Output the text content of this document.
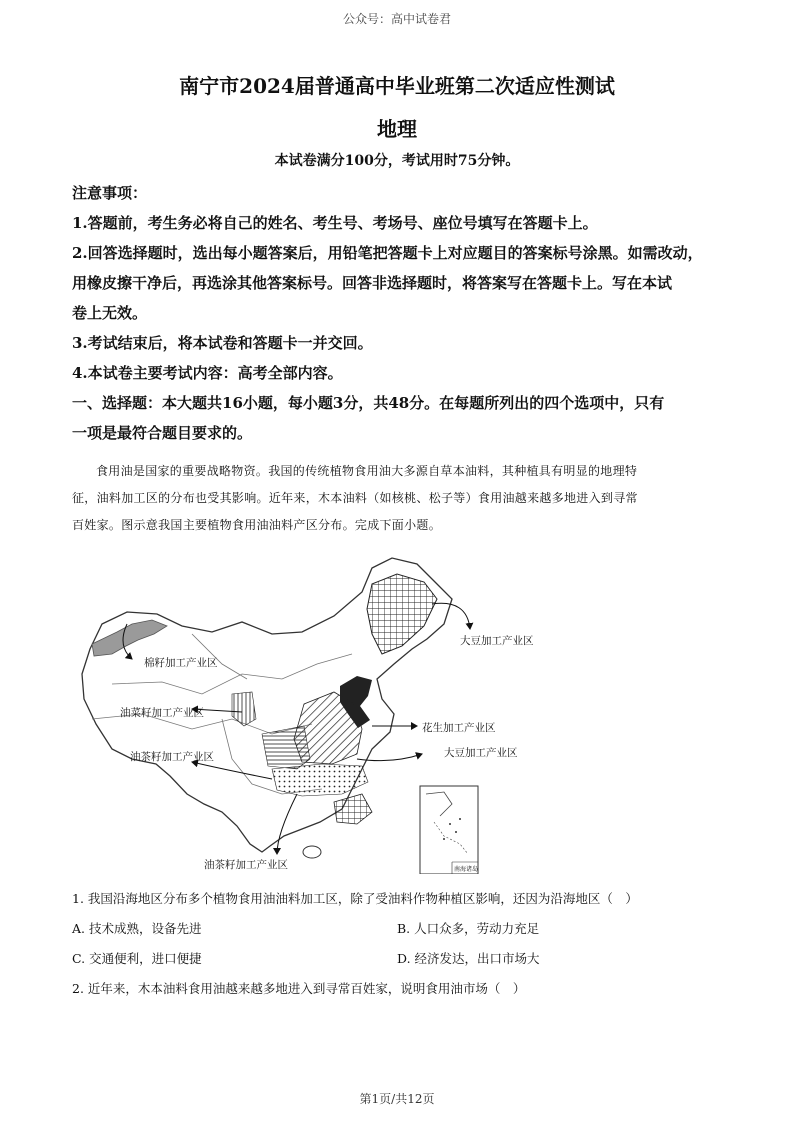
公众号：高中试卷君
南宁市2024届普通高中毕业班第二次适应性测试
地理
本试卷满分100分，考试用时75分钟。

注意事项：

1.答题前，考生务必将自己的姓名、考生号、考场号、座位号填写在答题卡上。

2.回答选择题时，选出每小题答案后，用铅笔把答题卡上对应题目的答案标号涂黑。如需改动，

用橡皮擦干净后，再选涂其他答案标号。回答非选择题时，将答案写在答题卡上。写在本试

卷上无效。

3.考试结束后，将本试卷和答题卡一并交回。

4.本试卷主要考试内容：高考全部内容。

一、选择题：本大题共16小题，每小题3分，共48分。在每题所列出的四个选项中，只有

一项是最符合题目要求的。

食用油是国家的重要战略物资。我国的传统植物食用油大多源自草本油料，其种植具有明显的地理特

征，油料加工区的分布也受其影响。近年来，木本油料（如核桃、松子等）食用油越来越多地进入到寻常

百姓家。图示意我国主要植物食用油油料产区分布。完成下面小题。

大豆加工产业区
棉籽加工产业区
油菜籽加工产业区
花生加工产业区
大豆加工产业区
油茶籽加工产业区
油茶籽加工产业区	南海诸岛

1. 我国沿海地区分布多个植物食用油油料加工区，除了受油料作物种植区影响，还因为沿海地区（　）

A. 技术成熟，设备先进	B. 人口众多，劳动力充足
C. 交通便利，进口便捷	D. 经济发达，出口市场大

2. 近年来，木本油料食用油越来越多地进入到寻常百姓家，说明食用油市场（　）

第1页/共12页
